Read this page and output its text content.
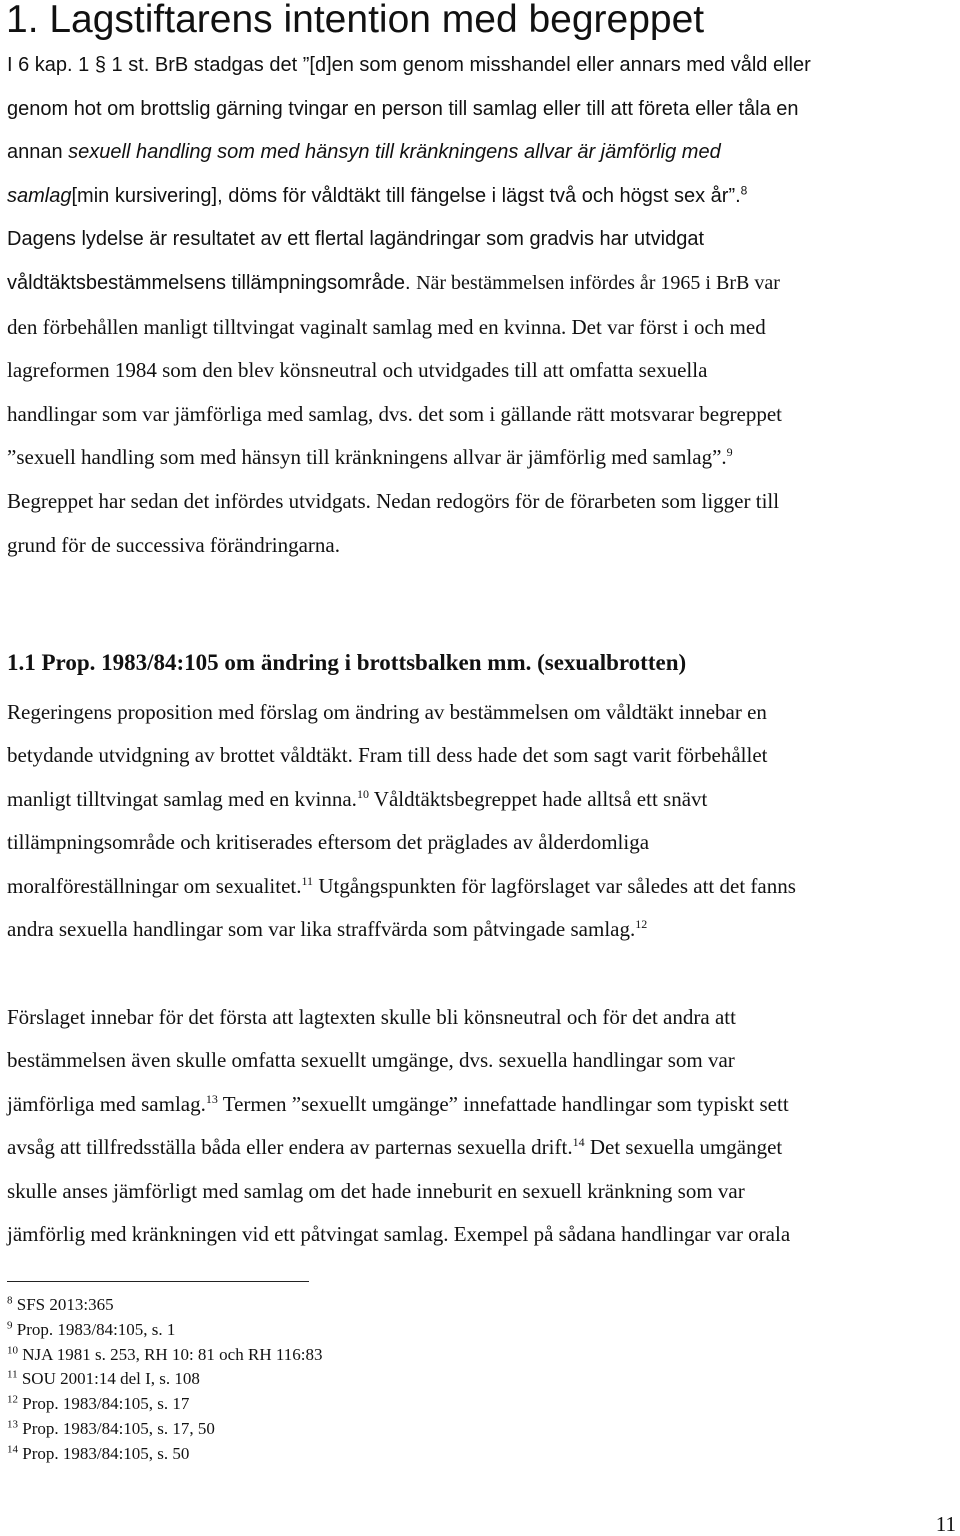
1. Lagstiftarens intention med begreppet
I 6 kap. 1 § 1 st. BrB stadgas det ”[d]en som genom misshandel eller annars med våld eller
genom hot om brottslig gärning tvingar en person till samlag eller till att företa eller tåla en
annan sexuell handling som med hänsyn till kränkningens allvar är jämförlig med
samlag[min kursivering], döms för våldtäkt till fängelse i lägst två och högst sex år”.$^8$
Dagens lydelse är resultatet av ett flertal lagändringar som gradvis har utvidgat
våldtäktsbestämmelsens tillämpningsområde. När bestämmelsen infördes år 1965 i BrB var
den förbehållen manligt tilltvingat vaginalt samlag med en kvinna. Det var först i och med
lagreformen 1984 som den blev könsneutral och utvidgades till att omfatta sexuella
handlingar som var jämförliga med samlag, dvs. det som i gällande rätt motsvarar begreppet
”sexuell handling som med hänsyn till kränkningens allvar är jämförlig med samlag”.$^9$
Begreppet har sedan det infördes utvidgats. Nedan redogörs för de förarbeten som ligger till
grund för de successiva förändringarna.
1.1 Prop. 1983/84:105 om ändring i brottsbalken mm. (sexualbrotten)
Regeringens proposition med förslag om ändring av bestämmelsen om våldtäkt innebar en
betydande utvidgning av brottet våldtäkt. Fram till dess hade det som sagt varit förbehållet
manligt tilltvingat samlag med en kvinna.$^{10}$ Våldtäktsbegreppet hade alltså ett snävt
tillämpningsområde och kritiserades eftersom det präglades av ålderdomliga
moralföreställningar om sexualitet.$^{11}$ Utgångspunkten för lagförslaget var således att det fanns
andra sexuella handlingar som var lika straffvärda som påtvingade samlag.$^{12}$
Förslaget innebar för det första att lagtexten skulle bli könsneutral och för det andra att
bestämmelsen även skulle omfatta sexuellt umgänge, dvs. sexuella handlingar som var
jämförliga med samlag.$^{13}$ Termen ”sexuellt umgänge” innefattade handlingar som typiskt sett
avsåg att tillfredsställa båda eller endera av parternas sexuella drift.$^{14}$ Det sexuella umgänget
skulle anses jämförligt med samlag om det hade inneburit en sexuell kränkning som var
jämförlig med kränkningen vid ett påtvingat samlag. Exempel på sådana handlingar var orala
$^8$ SFS 2013:365
$^9$ Prop. 1983/84:105, s. 1
$^{10}$ NJA 1981 s. 253, RH 10: 81 och RH 116:83
$^{11}$ SOU 2001:14 del I, s. 108
$^{12}$ Prop. 1983/84:105, s. 17
$^{13}$ Prop. 1983/84:105, s. 17, 50
$^{14}$ Prop. 1983/84:105, s. 50
11
